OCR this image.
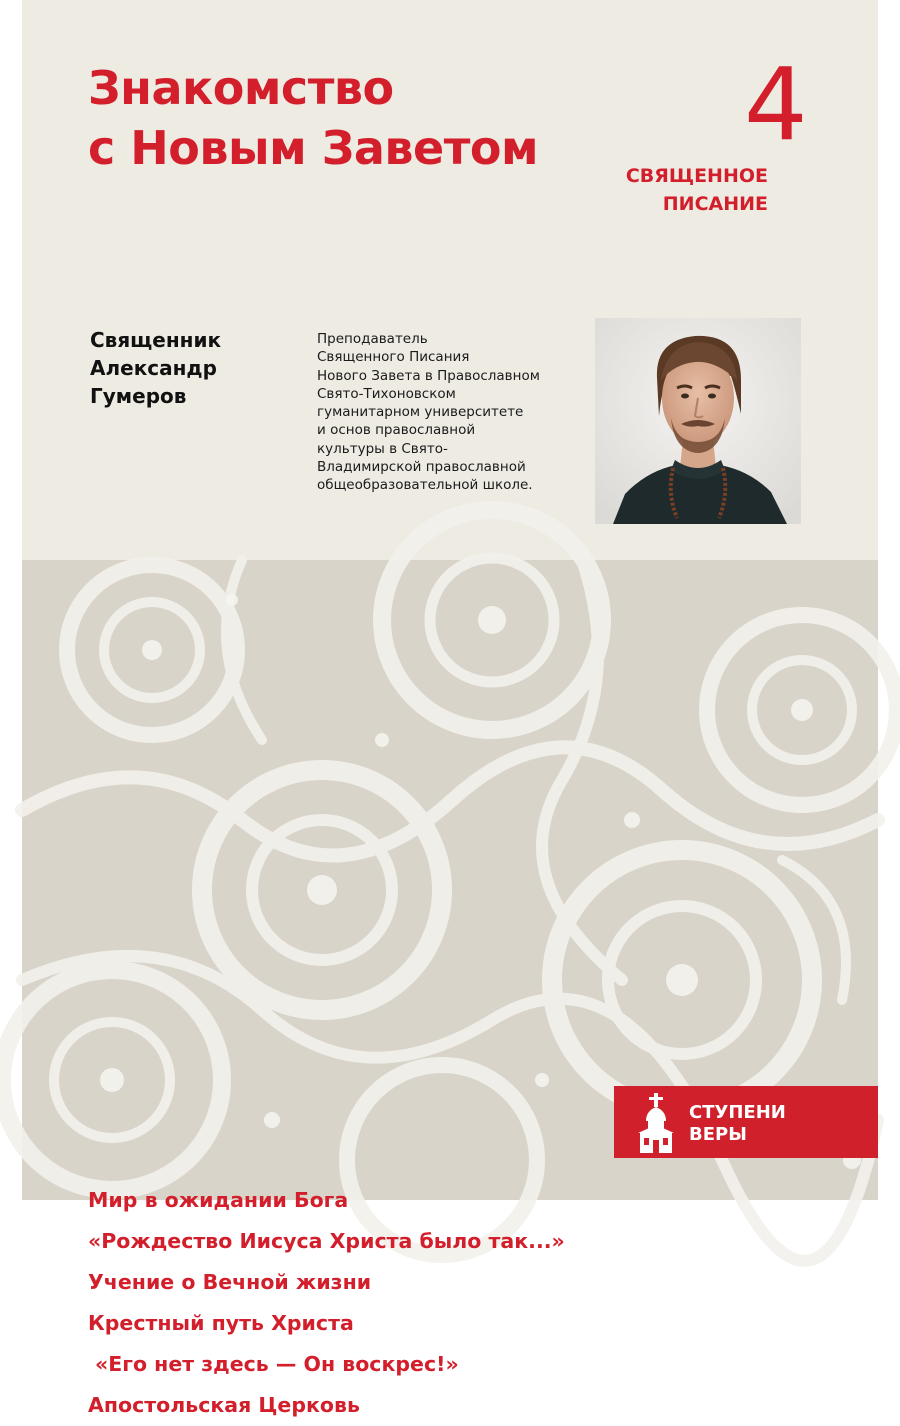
Знакомство
с Новым Заветом 4
СВЯЩЕННОЕ
ПИСАНИЕ
Священник
Александр
Гумеров
Преподаватель
Священного Писания
Нового Завета в Православном
Свято-Тихоновском
гуманитарном университете
и основ православной
культуры в Свято-
Владимирской православной
общеобразовательной школе.
Мир в ожидании Бога
«Рождество Иисуса Христа было так...»
Учение о Вечной жизни
Крестный путь Христа
«Его нет здесь — Он воскрес!»
Апостольская Церковь
СТУПЕНИ
ВЕРЫ
